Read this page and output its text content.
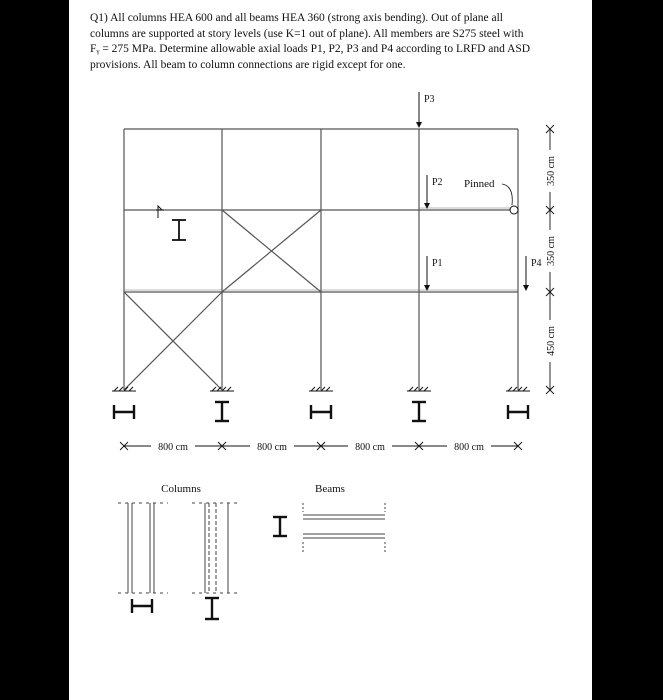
Q1) All columns HEA 600 and all beams HEA 360 (strong axis bending). Out of plane all
columns are supported at story levels (use K=1 out of plane). All members are S275 steel with
Fᵧ = 275 MPa. Determine allowable axial loads P1, P2, P3 and P4 according to LRFD and ASD
provisions. All beam to column connections are rigid except for one.
P3
P2
P1	P4
Pinned	350 cm
350 cm
450 cm
800 cm	800 cm	800 cm	800 cm
Columns	Beams
